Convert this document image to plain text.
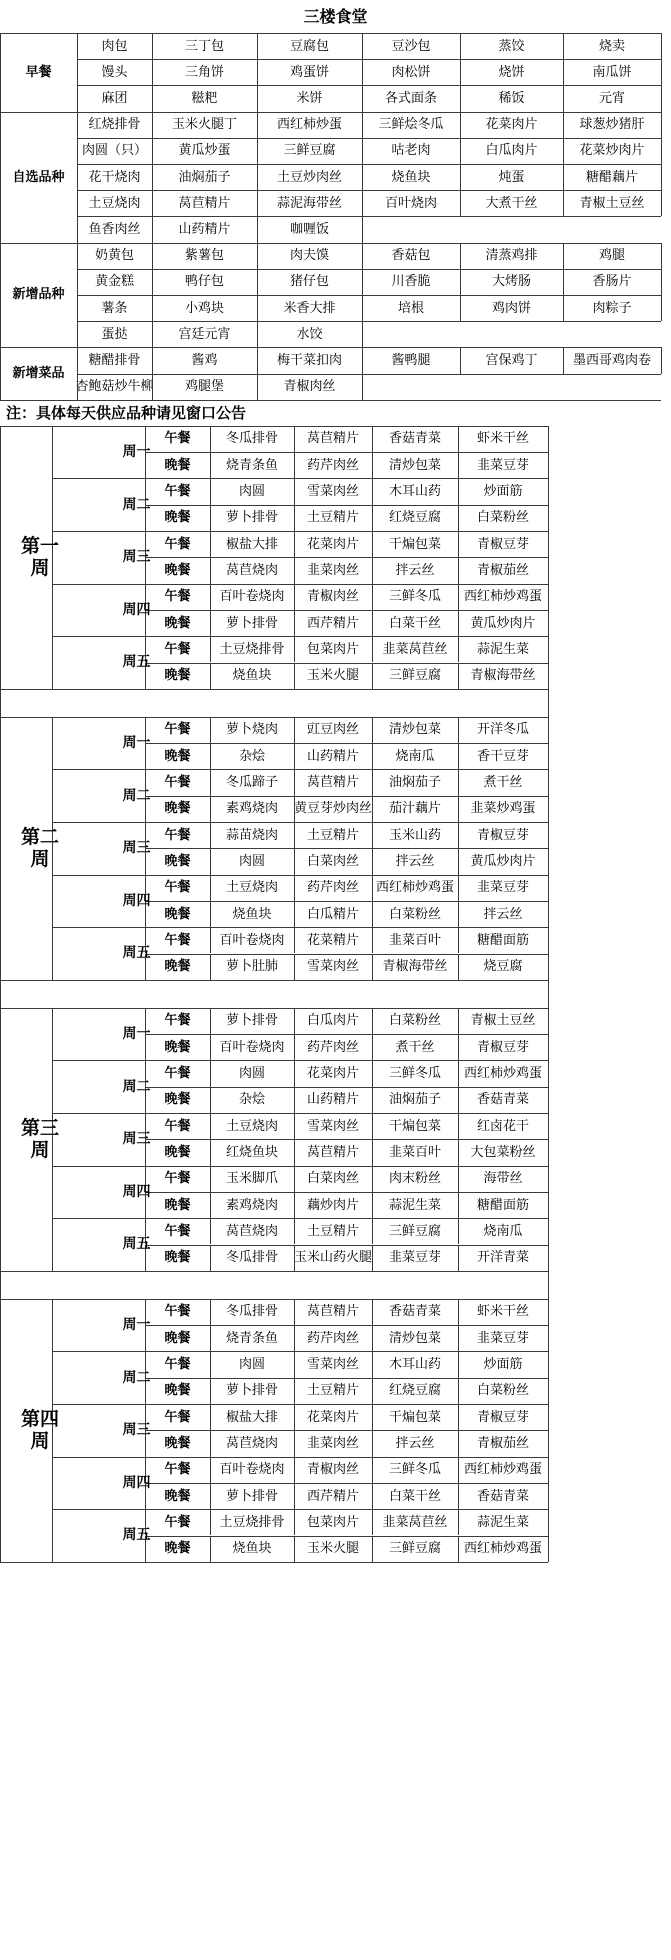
三楼食堂
肉包	三丁包	豆腐包	豆沙包	蒸饺	烧卖
馒头	三角饼	鸡蛋饼	肉松饼	烧饼	南瓜饼
麻团	糍粑	米饼	各式面条	稀饭	元宵
早餐
红烧排骨	玉米火腿丁	西红柿炒蛋	三鲜烩冬瓜	花菜肉片	球葱炒猪肝
肉圆（只）	黄瓜炒蛋	三鲜豆腐	咕老肉	白瓜肉片	花菜炒肉片
花干烧肉	油焖茄子	土豆炒肉丝	烧鱼块	炖蛋	糖醋藕片
土豆烧肉	莴苣精片	蒜泥海带丝	百叶烧肉	大煮干丝	青椒土豆丝
鱼香肉丝	山药精片	咖喱饭
自选品种
奶黄包	紫薯包	肉夫馍	香菇包	清蒸鸡排	鸡腿
黄金糕	鸭仔包	猪仔包	川香脆	大烤肠	香肠片
薯条	小鸡块	米香大排	培根	鸡肉饼	肉粽子
蛋挞	宫廷元宵	水饺
新增品种
糖醋排骨	酱鸡	梅干菜扣肉	酱鸭腿	宫保鸡丁	墨西哥鸡肉卷
杏鲍菇炒牛柳	鸡腿堡	青椒肉丝
新增菜品
注：具体每天供应品种请见窗口公告
午餐	冬瓜排骨	莴苣精片	香菇青菜	虾米干丝
晚餐	烧青条鱼	药芹肉丝	清炒包菜	韭菜豆芽
周一
午餐	肉圆	雪菜肉丝	木耳山药	炒面筋
晚餐	萝卜排骨	土豆精片	红烧豆腐	白菜粉丝
周二
午餐	椒盐大排	花菜肉片	干煸包菜	青椒豆芽
晚餐	莴苣烧肉	韭菜肉丝	拌云丝	青椒茄丝
周三
午餐	百叶卷烧肉	青椒肉丝	三鲜冬瓜	西红柿炒鸡蛋
晚餐	萝卜排骨	西芹精片	白菜干丝	黄瓜炒肉片
周四
午餐	土豆烧排骨	包菜肉片	韭菜莴苣丝	蒜泥生菜
晚餐	烧鱼块	玉米火腿	三鲜豆腐	青椒海带丝
周五
第一周
午餐	萝卜烧肉	豇豆肉丝	清炒包菜	开洋冬瓜
晚餐	杂烩	山药精片	烧南瓜	香干豆芽
周一
午餐	冬瓜蹄子	莴苣精片	油焖茄子	煮干丝
晚餐	素鸡烧肉	黄豆芽炒肉丝	茄汁藕片	韭菜炒鸡蛋
周二
午餐	蒜苗烧肉	土豆精片	玉米山药	青椒豆芽
晚餐	肉圆	白菜肉丝	拌云丝	黄瓜炒肉片
周三
午餐	土豆烧肉	药芹肉丝	西红柿炒鸡蛋	韭菜豆芽
晚餐	烧鱼块	白瓜精片	白菜粉丝	拌云丝
周四
午餐	百叶卷烧肉	花菜精片	韭菜百叶	糖醋面筋
晚餐	萝卜肚肺	雪菜肉丝	青椒海带丝	烧豆腐
周五
第二周
午餐	萝卜排骨	白瓜肉片	白菜粉丝	青椒土豆丝
晚餐	百叶卷烧肉	药芹肉丝	煮干丝	青椒豆芽
周一
午餐	肉圆	花菜肉片	三鲜冬瓜	西红柿炒鸡蛋
晚餐	杂烩	山药精片	油焖茄子	香菇青菜
周二
午餐	土豆烧肉	雪菜肉丝	干煸包菜	红卤花干
晚餐	红烧鱼块	莴苣精片	韭菜百叶	大包菜粉丝
周三
午餐	玉米脚爪	白菜肉丝	肉末粉丝	海带丝
晚餐	素鸡烧肉	藕炒肉片	蒜泥生菜	糖醋面筋
周四
午餐	莴苣烧肉	土豆精片	三鲜豆腐	烧南瓜
晚餐	冬瓜排骨	玉米山药火腿	韭菜豆芽	开洋青菜
周五
第三周
午餐	冬瓜排骨	莴苣精片	香菇青菜	虾米干丝
晚餐	烧青条鱼	药芹肉丝	清炒包菜	韭菜豆芽
周一
午餐	肉圆	雪菜肉丝	木耳山药	炒面筋
晚餐	萝卜排骨	土豆精片	红烧豆腐	白菜粉丝
周二
午餐	椒盐大排	花菜肉片	干煸包菜	青椒豆芽
晚餐	莴苣烧肉	韭菜肉丝	拌云丝	青椒茄丝
周三
午餐	百叶卷烧肉	青椒肉丝	三鲜冬瓜	西红柿炒鸡蛋
晚餐	萝卜排骨	西芹精片	白菜干丝	香菇青菜
周四
午餐	土豆烧排骨	包菜肉片	韭菜莴苣丝	蒜泥生菜
晚餐	烧鱼块	玉米火腿	三鲜豆腐	西红柿炒鸡蛋
周五
第四周
